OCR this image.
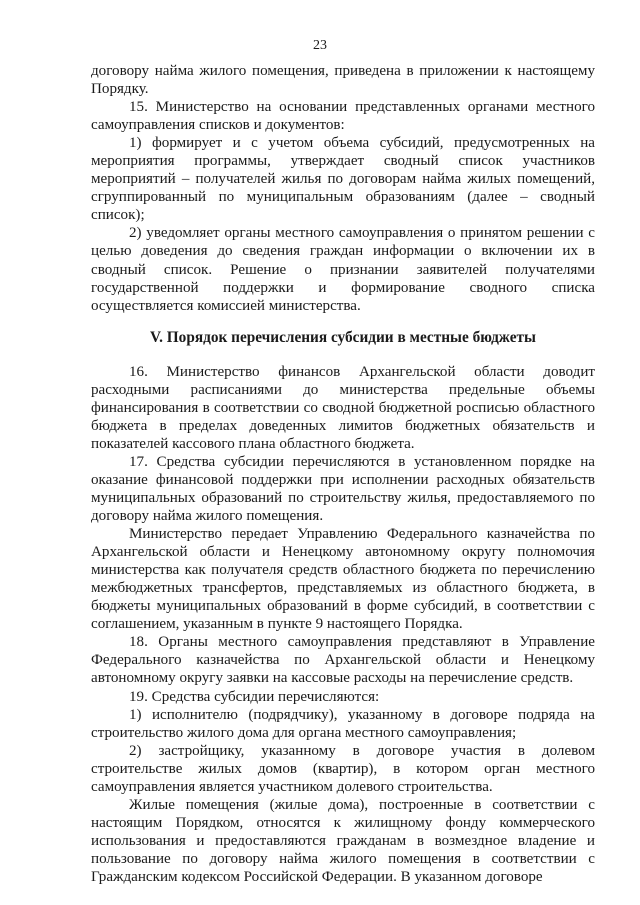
23

договору найма жилого помещения, приведена в приложении к настоящему Порядку.

15. Министерство на основании представленных органами местного самоуправления списков и документов:

1) формирует и с учетом объема субсидий, предусмотренных на мероприятия программы, утверждает сводный список участников мероприятий – получателей жилья по договорам найма жилых помещений, сгруппированный по муниципальным образованиям (далее – сводный список);

2) уведомляет органы местного самоуправления о принятом решении с целью доведения до сведения граждан информации о включении их в сводный список. Решение о признании заявителей получателями государственной поддержки и формирование сводного списка осуществляется комиссией министерства.

V. Порядок перечисления субсидии в местные бюджеты

16. Министерство финансов Архангельской области доводит расходными расписаниями до министерства предельные объемы финансирования в соответствии со сводной бюджетной росписью областного бюджета в пределах доведенных лимитов бюджетных обязательств и показателей кассового плана областного бюджета.

17. Средства субсидии перечисляются в установленном порядке на оказание финансовой поддержки при исполнении расходных обязательств муниципальных образований по строительству жилья, предоставляемого по договору найма жилого помещения.

Министерство передает Управлению Федерального казначейства по Архангельской области и Ненецкому автономному округу полномочия министерства как получателя средств областного бюджета по перечислению межбюджетных трансфертов, представляемых из областного бюджета, в бюджеты муниципальных образований в форме субсидий, в соответствии с соглашением, указанным в пункте 9 настоящего Порядка.

18. Органы местного самоуправления представляют в Управление Федерального казначейства по Архангельской области и Ненецкому автономному округу заявки на кассовые расходы на перечисление средств.

19. Средства субсидии перечисляются:

1) исполнителю (подрядчику), указанному в договоре подряда на строительство жилого дома для органа местного самоуправления;

2) застройщику, указанному в договоре участия в долевом строительстве жилых домов (квартир), в котором орган местного самоуправления является участником долевого строительства.

Жилые помещения (жилые дома), построенные в соответствии с настоящим Порядком, относятся к жилищному фонду коммерческого использования и предоставляются гражданам в возмездное владение и пользование по договору найма жилого помещения в соответствии с Гражданским кодексом Российской Федерации. В указанном договоре
